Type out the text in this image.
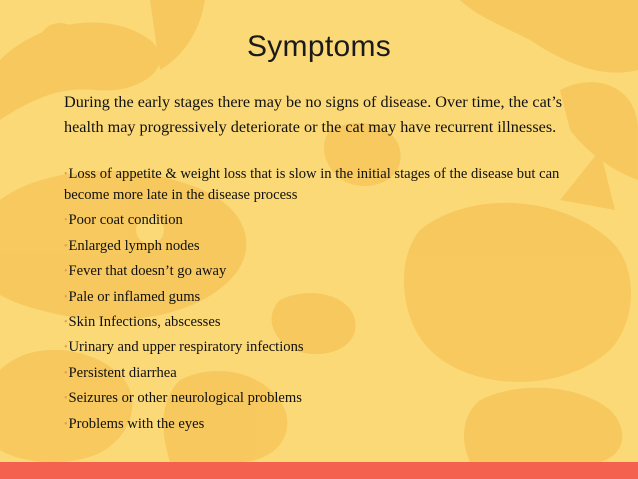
Symptoms
During the early stages there may be no signs of disease. Over time, the cat’s health may progressively deteriorate or the cat may have recurrent illnesses.
•Loss of appetite & weight loss that is slow in the initial stages of the disease but can become more late in the disease process
•Poor coat condition
•Enlarged lymph nodes
•Fever that doesn’t go away
•Pale or inflamed gums
•Skin Infections, abscesses
•Urinary and upper respiratory infections
•Persistent diarrhea
•Seizures or other neurological problems
•Problems with the eyes
